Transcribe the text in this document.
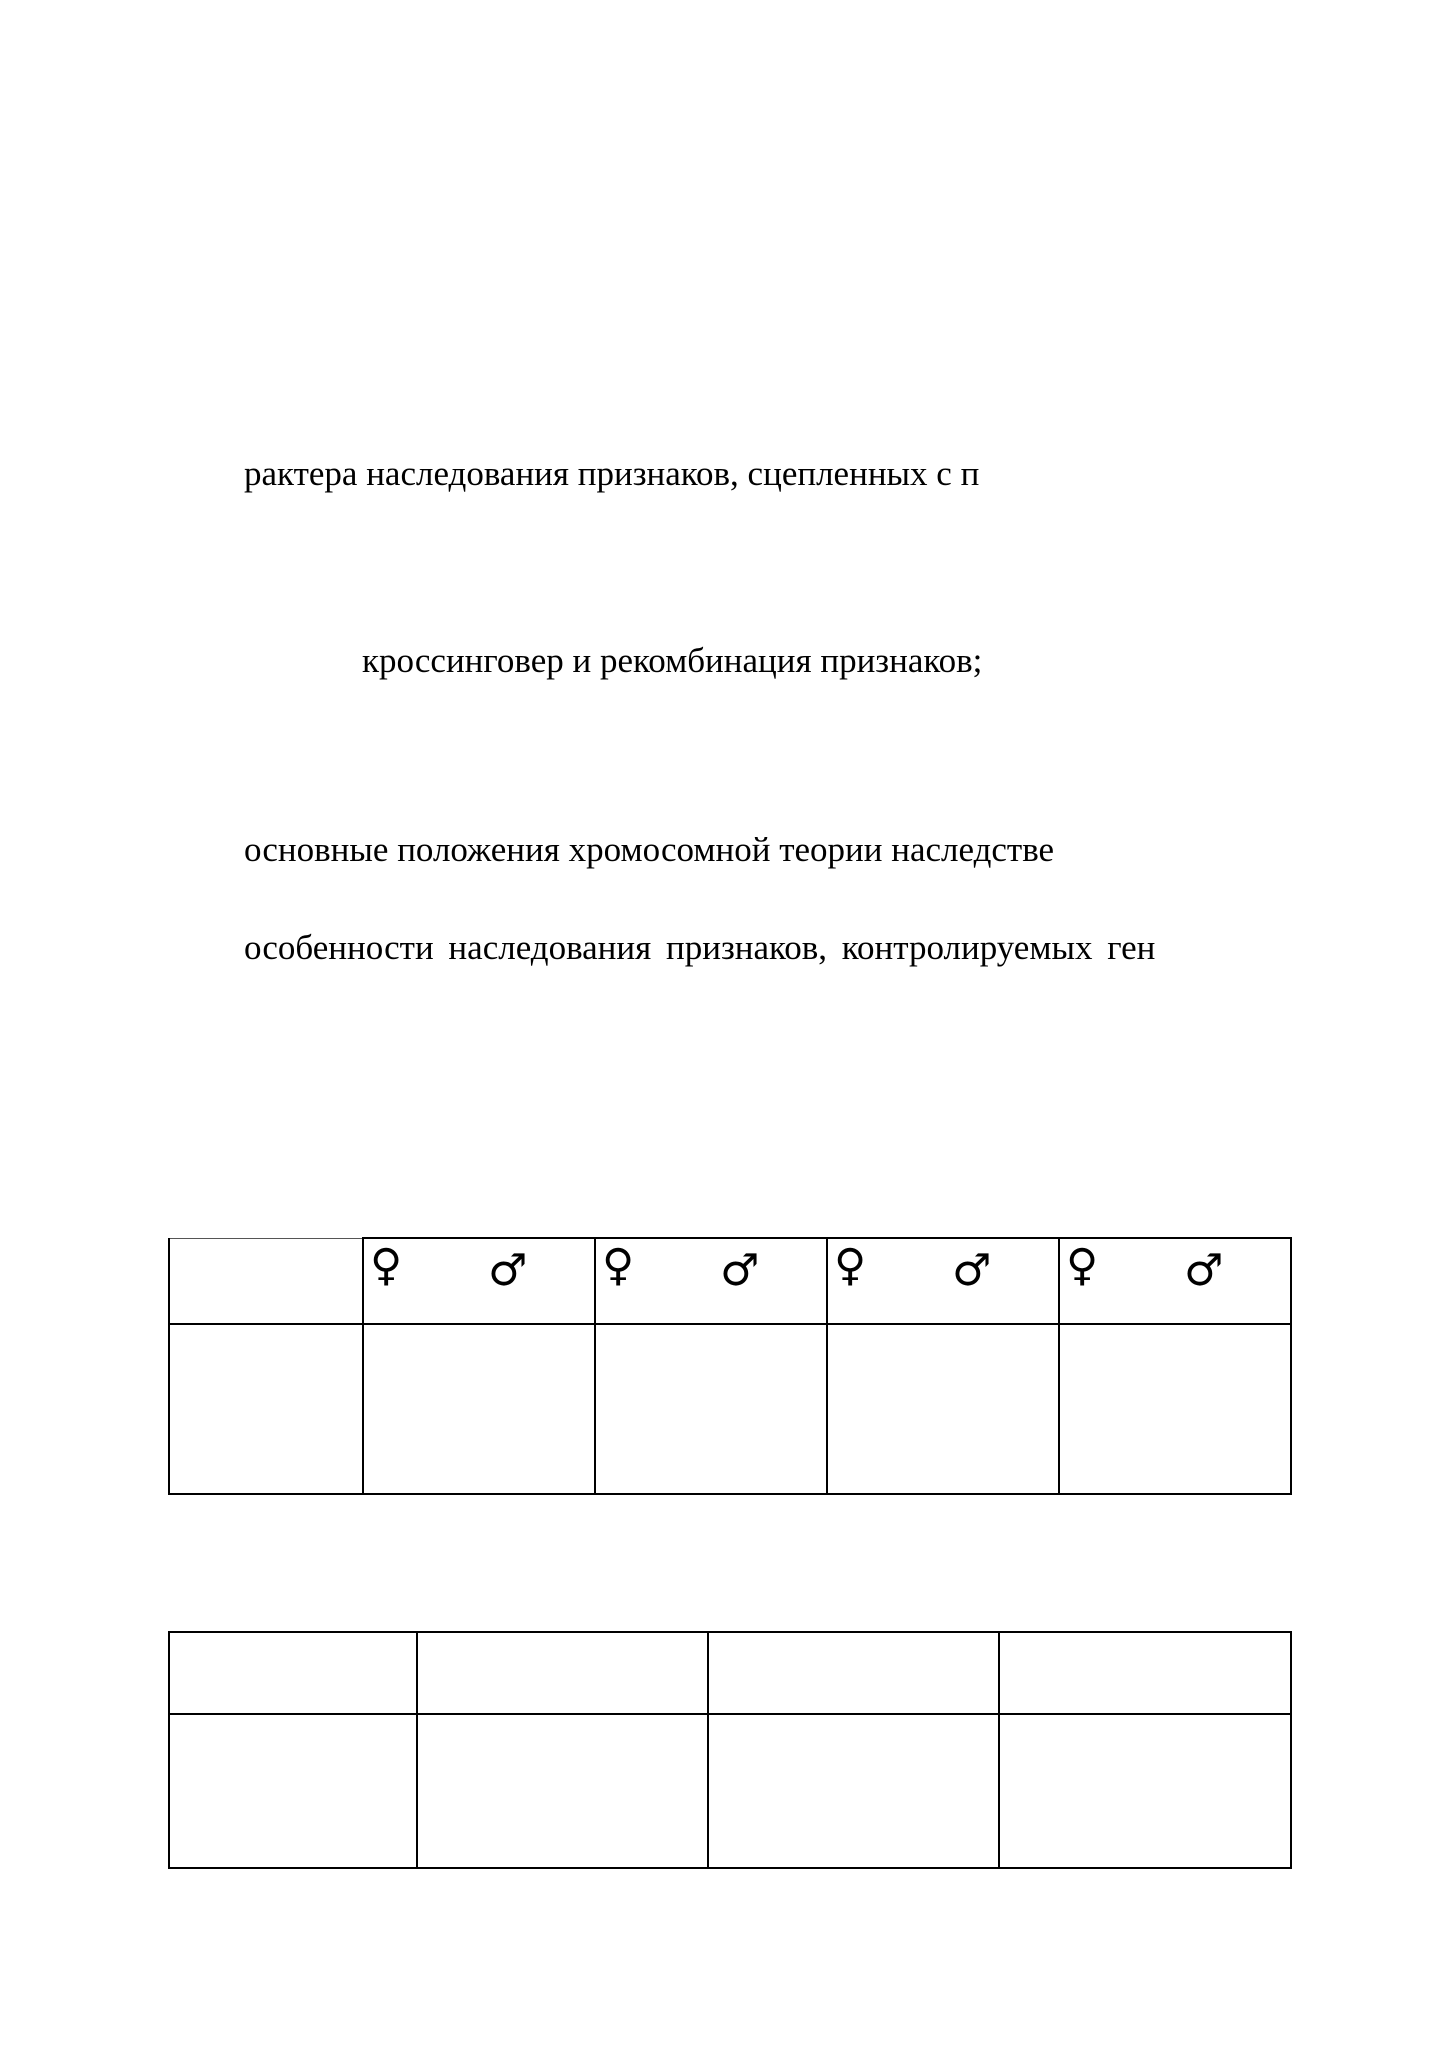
рактера наследования признаков, сцепленных с п
кроссинговер и рекомбинация признаков;
основные положения хромосомной теории наследстве
особенности наследования признаков, контролируемых ген

	♀ ♂	♀ ♂	♀ ♂	♀ ♂
